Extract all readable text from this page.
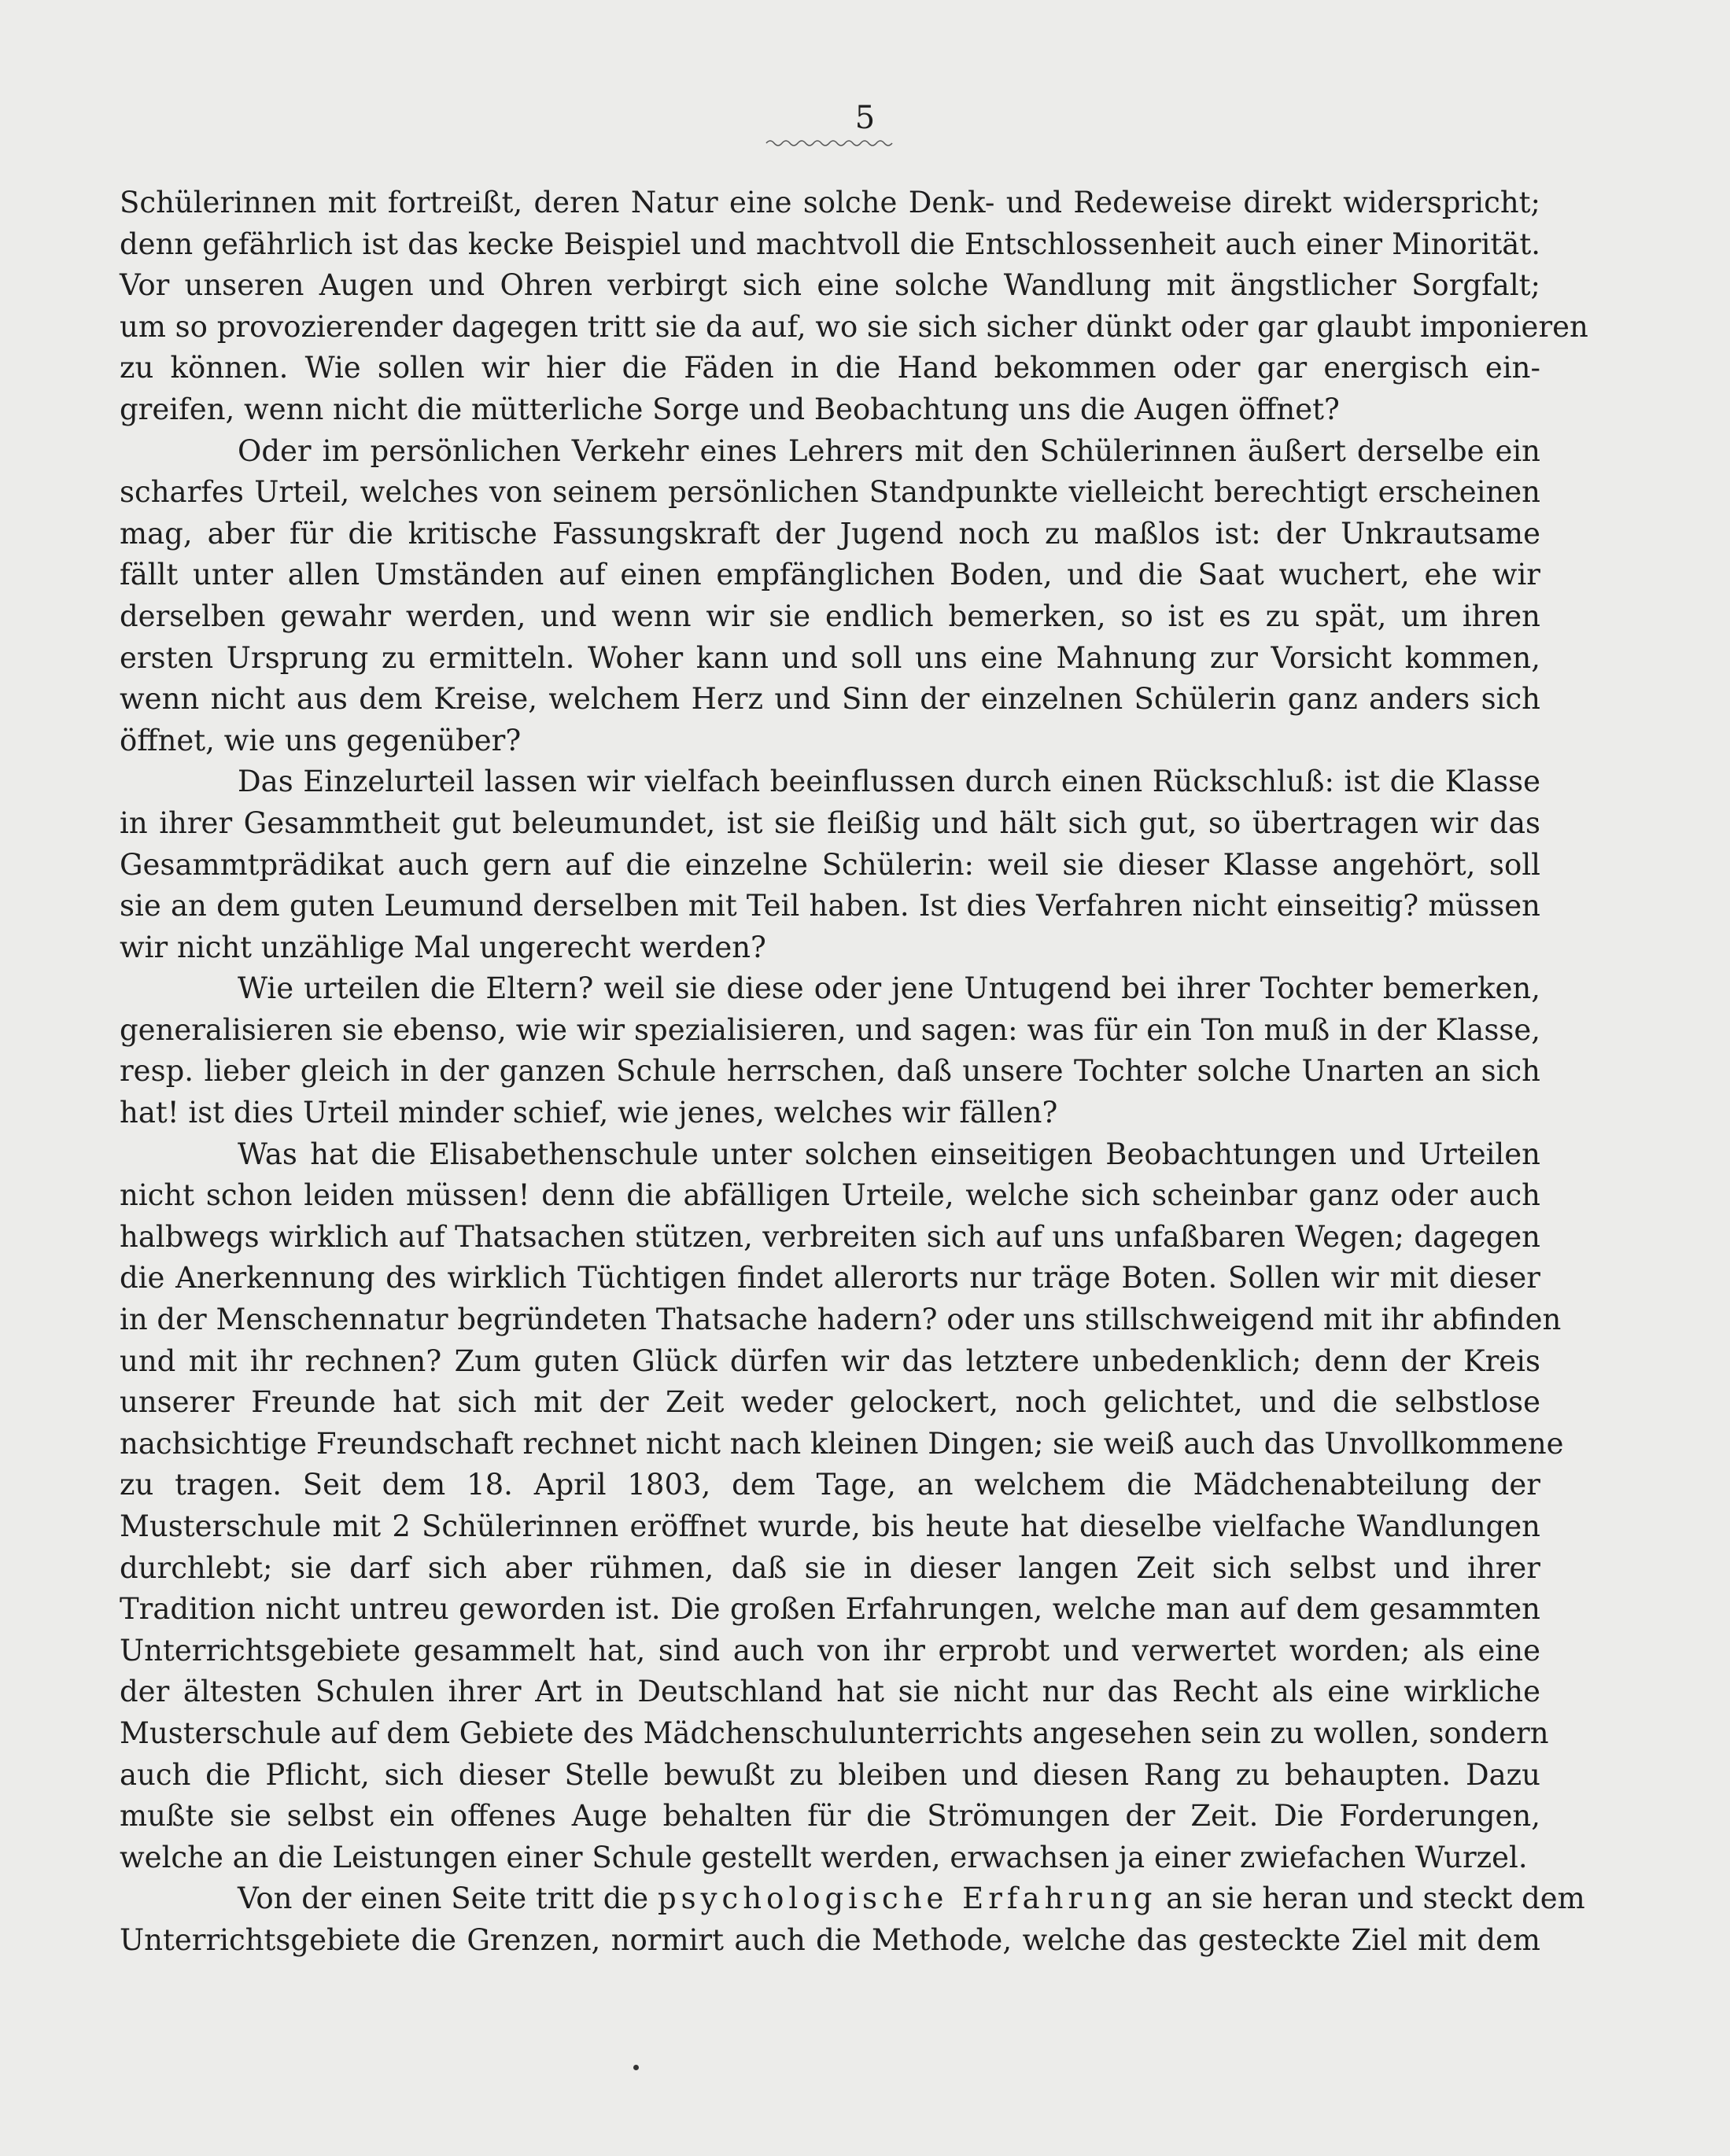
5
Schülerinnen mit fortreißt, deren Natur eine solche Denk- und Redeweise direkt widerspricht;
denn gefährlich ist das kecke Beispiel und machtvoll die Entschlossenheit auch einer Minorität.
Vor unseren Augen und Ohren verbirgt sich eine solche Wandlung mit ängstlicher Sorgfalt;
um so provozierender dagegen tritt sie da auf, wo sie sich sicher dünkt oder gar glaubt imponieren
zu können. Wie sollen wir hier die Fäden in die Hand bekommen oder gar energisch ein-
greifen, wenn nicht die mütterliche Sorge und Beobachtung uns die Augen öffnet?
Oder im persönlichen Verkehr eines Lehrers mit den Schülerinnen äußert derselbe ein
scharfes Urteil, welches von seinem persönlichen Standpunkte vielleicht berechtigt erscheinen
mag, aber für die kritische Fassungskraft der Jugend noch zu maßlos ist: der Unkrautsame
fällt unter allen Umständen auf einen empfänglichen Boden, und die Saat wuchert, ehe wir
derselben gewahr werden, und wenn wir sie endlich bemerken, so ist es zu spät, um ihren
ersten Ursprung zu ermitteln. Woher kann und soll uns eine Mahnung zur Vorsicht kommen,
wenn nicht aus dem Kreise, welchem Herz und Sinn der einzelnen Schülerin ganz anders sich
öffnet, wie uns gegenüber?
Das Einzelurteil lassen wir vielfach beeinflussen durch einen Rückschluß: ist die Klasse
in ihrer Gesammtheit gut beleumundet, ist sie fleißig und hält sich gut, so übertragen wir das
Gesammtprädikat auch gern auf die einzelne Schülerin: weil sie dieser Klasse angehört, soll
sie an dem guten Leumund derselben mit Teil haben. Ist dies Verfahren nicht einseitig? müssen
wir nicht unzählige Mal ungerecht werden?
Wie urteilen die Eltern? weil sie diese oder jene Untugend bei ihrer Tochter bemerken,
generalisieren sie ebenso, wie wir spezialisieren, und sagen: was für ein Ton muß in der Klasse,
resp. lieber gleich in der ganzen Schule herrschen, daß unsere Tochter solche Unarten an sich
hat! ist dies Urteil minder schief, wie jenes, welches wir fällen?
Was hat die Elisabethenschule unter solchen einseitigen Beobachtungen und Urteilen
nicht schon leiden müssen! denn die abfälligen Urteile, welche sich scheinbar ganz oder auch
halbwegs wirklich auf Thatsachen stützen, verbreiten sich auf uns unfaßbaren Wegen; dagegen
die Anerkennung des wirklich Tüchtigen findet allerorts nur träge Boten. Sollen wir mit dieser
in der Menschennatur begründeten Thatsache hadern? oder uns stillschweigend mit ihr abfinden
und mit ihr rechnen? Zum guten Glück dürfen wir das letztere unbedenklich; denn der Kreis
unserer Freunde hat sich mit der Zeit weder gelockert, noch gelichtet, und die selbstlose
nachsichtige Freundschaft rechnet nicht nach kleinen Dingen; sie weiß auch das Unvollkommene
zu tragen. Seit dem 18. April 1803, dem Tage, an welchem die Mädchenabteilung der
Musterschule mit 2 Schülerinnen eröffnet wurde, bis heute hat dieselbe vielfache Wandlungen
durchlebt; sie darf sich aber rühmen, daß sie in dieser langen Zeit sich selbst und ihrer
Tradition nicht untreu geworden ist. Die großen Erfahrungen, welche man auf dem gesammten
Unterrichtsgebiete gesammelt hat, sind auch von ihr erprobt und verwertet worden; als eine
der ältesten Schulen ihrer Art in Deutschland hat sie nicht nur das Recht als eine wirkliche
Musterschule auf dem Gebiete des Mädchenschulunterrichts angesehen sein zu wollen, sondern
auch die Pflicht, sich dieser Stelle bewußt zu bleiben und diesen Rang zu behaupten. Dazu
mußte sie selbst ein offenes Auge behalten für die Strömungen der Zeit. Die Forderungen,
welche an die Leistungen einer Schule gestellt werden, erwachsen ja einer zwiefachen Wurzel.
Von der einen Seite tritt die psychologische Erfahrung an sie heran und steckt dem
Unterrichtsgebiete die Grenzen, normirt auch die Methode, welche das gesteckte Ziel mit dem
